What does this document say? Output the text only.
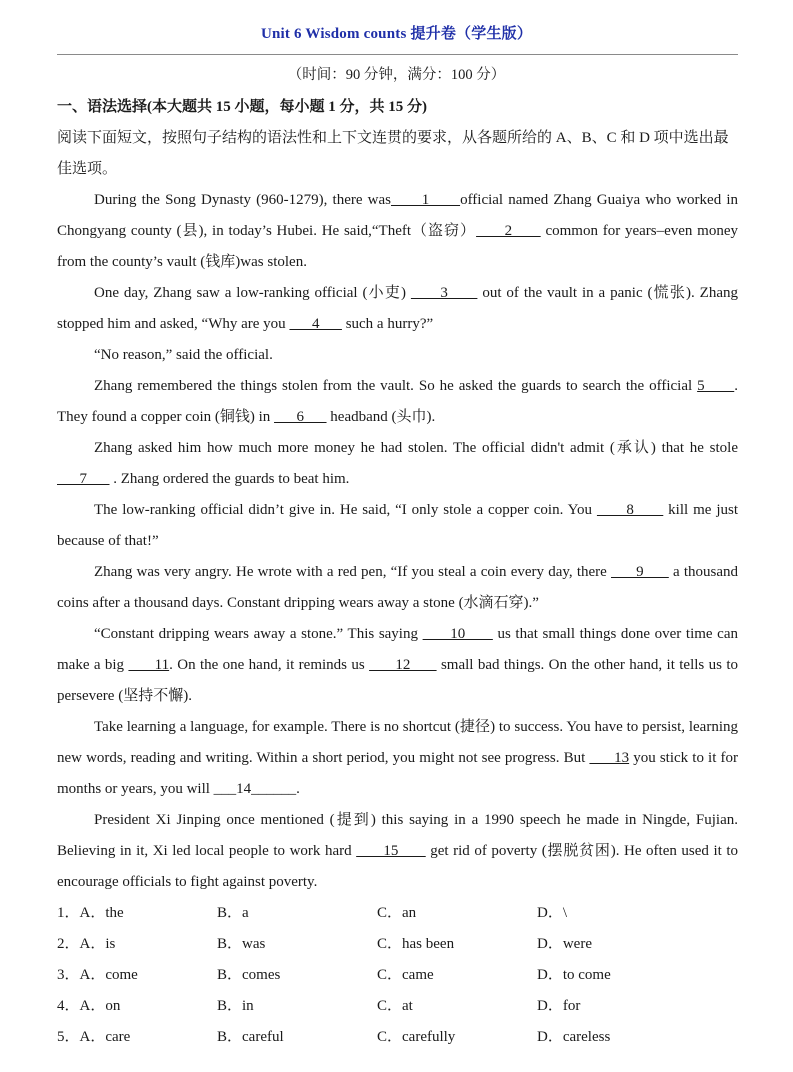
Unit 6 Wisdom counts 提升卷（学生版）
（时间：90 分钟，满分：100 分）

一、语法选择(本大题共 15 小题，每小题 1 分，共 15 分)

阅读下面短文，按照句子结构的语法性和上下文连贯的要求，从各题所给的 A、B、C 和 D 项中选出最佳选项。

During the Song Dynasty (960-1279), there was      1      official named Zhang Guaiya who worked in Chongyang county (县), in today’s Hubei. He said,“Theft（盗窃）      2       common for years–even money from the county’s vault (钱库)was stolen.

One day, Zhang saw a low-ranking official (小吏)       3       out of the vault in a panic (慌张). Zhang stopped him and asked, “Why are you       4       such a hurry?”

“No reason,” said the official.

Zhang remembered the things stolen from the vault. So he asked the guards to search the official 5      . They found a copper coin (铜钱) in       6       headband (头巾).

Zhang asked him how much more money he had stolen. The official didn't admit (承认) that he stole       7       . Zhang ordered the guards to beat him.

The low-ranking official didn’t give in. He said, “I only stole a copper coin. You       8       kill me just because of that!”

Zhang was very angry. He wrote with a red pen, “If you steal a coin every day, there       9       a thousand coins after a thousand days. Constant dripping wears away a stone (水滴石穿).”

“Constant dripping wears away a stone.” This saying       10       us that small things done over time can make a big       11. On the one hand, it reminds us       12       small bad things. On the other hand, it tells us to persevere (坚持不懈).

Take learning a language, for example. There is no shortcut (捷径) to success. You have to persist, learning new words, reading and writing. Within a short period, you might not see progress. But       13 you stick to it for months or years, you will ___14______.

President Xi Jinping once mentioned (提到) this saying in a 1990 speech he made in Ningde, Fujian. Believing in it, Xi led local people to work hard       15       get rid of poverty (摆脱贫困). He often used it to encourage officials to fight against poverty.

1．A．the	B．a	C．an	D．\
2．A．is	B．was	C．has been	D．were
3．A．come	B．comes	C．came	D．to come
4．A．on	B．in	C．at	D．for
5．A．care	B．careful	C．carefully	D．careless
